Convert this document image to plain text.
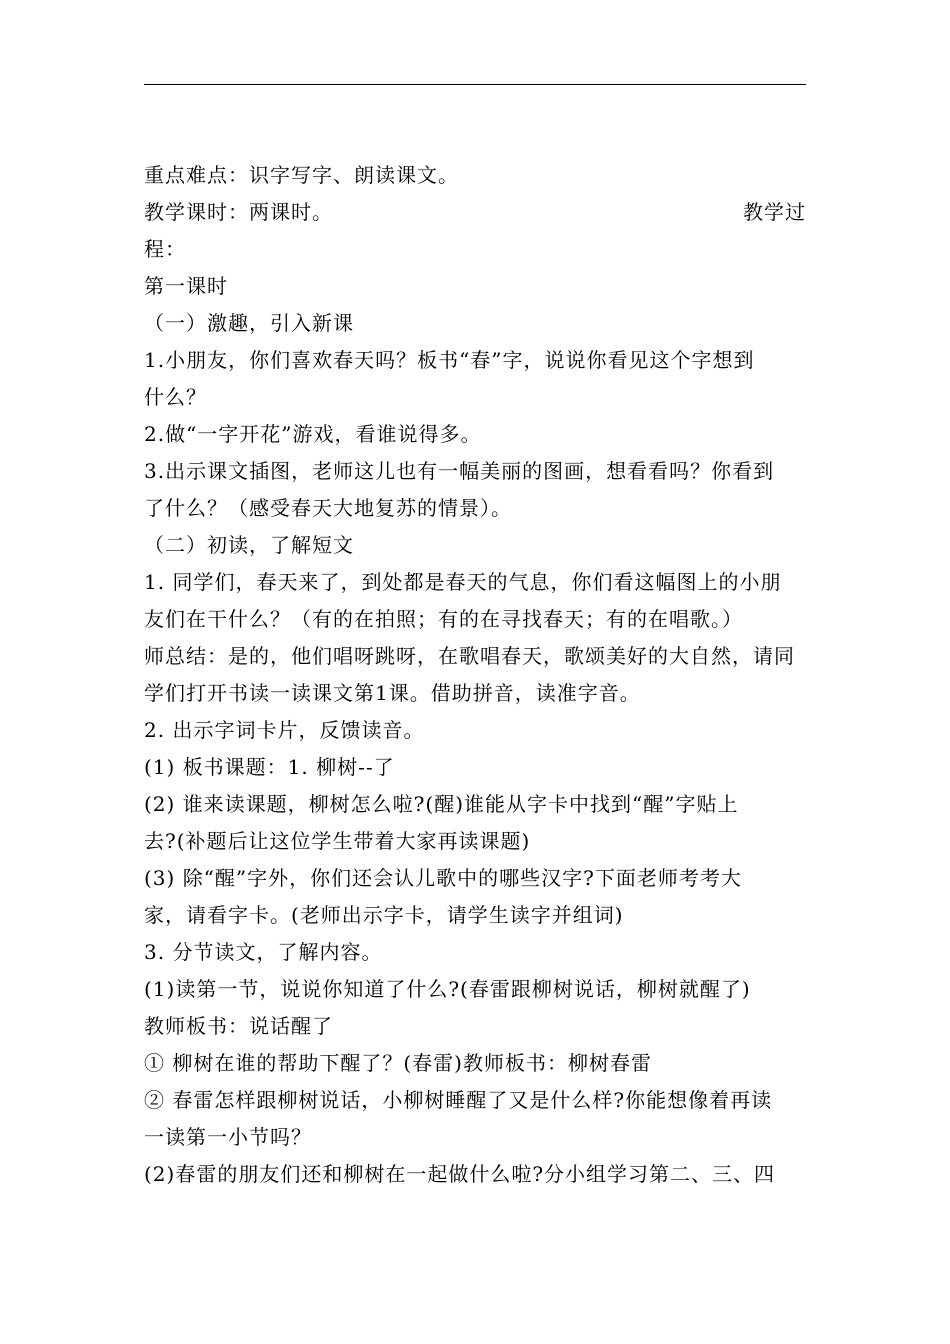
重点难点：识字写字、朗读课文。
教学课时：两课时。	教学过
程：
第一课时
（一）激趣，引入新课
1.小朋友，你们喜欢春天吗？板书“春”字，说说你看见这个字想到
什么？
2.做“一字开花”游戏，看谁说得多。
3.出示课文插图，老师这儿也有一幅美丽的图画，想看看吗？你看到
了什么？（感受春天大地复苏的情景）。
（二）初读，了解短文
1. 同学们，春天来了，到处都是春天的气息，你们看这幅图上的小朋
友们在干什么？（有的在拍照；有的在寻找春天；有的在唱歌。）
师总结：是的，他们唱呀跳呀，在歌唱春天，歌颂美好的大自然，请同
学们打开书读一读课文第1课。借助拼音，读准字音。
2. 出示字词卡片，反馈读音。
(1) 板书课题：1. 柳树--了
(2) 谁来读课题，柳树怎么啦?(醒)谁能从字卡中找到“醒”字贴上
去?(补题后让这位学生带着大家再读课题)
(3) 除“醒”字外，你们还会认儿歌中的哪些汉字?下面老师考考大
家，请看字卡。(老师出示字卡，请学生读字并组词)
3. 分节读文，了解内容。
(1)读第一节，说说你知道了什么?(春雷跟柳树说话，柳树就醒了)
教师板书：说话醒了
① 柳树在谁的帮助下醒了？(春雷)教师板书：柳树春雷
② 春雷怎样跟柳树说话，小柳树睡醒了又是什么样?你能想像着再读
一读第一小节吗？
(2)春雷的朋友们还和柳树在一起做什么啦?分小组学习第二、三、四
